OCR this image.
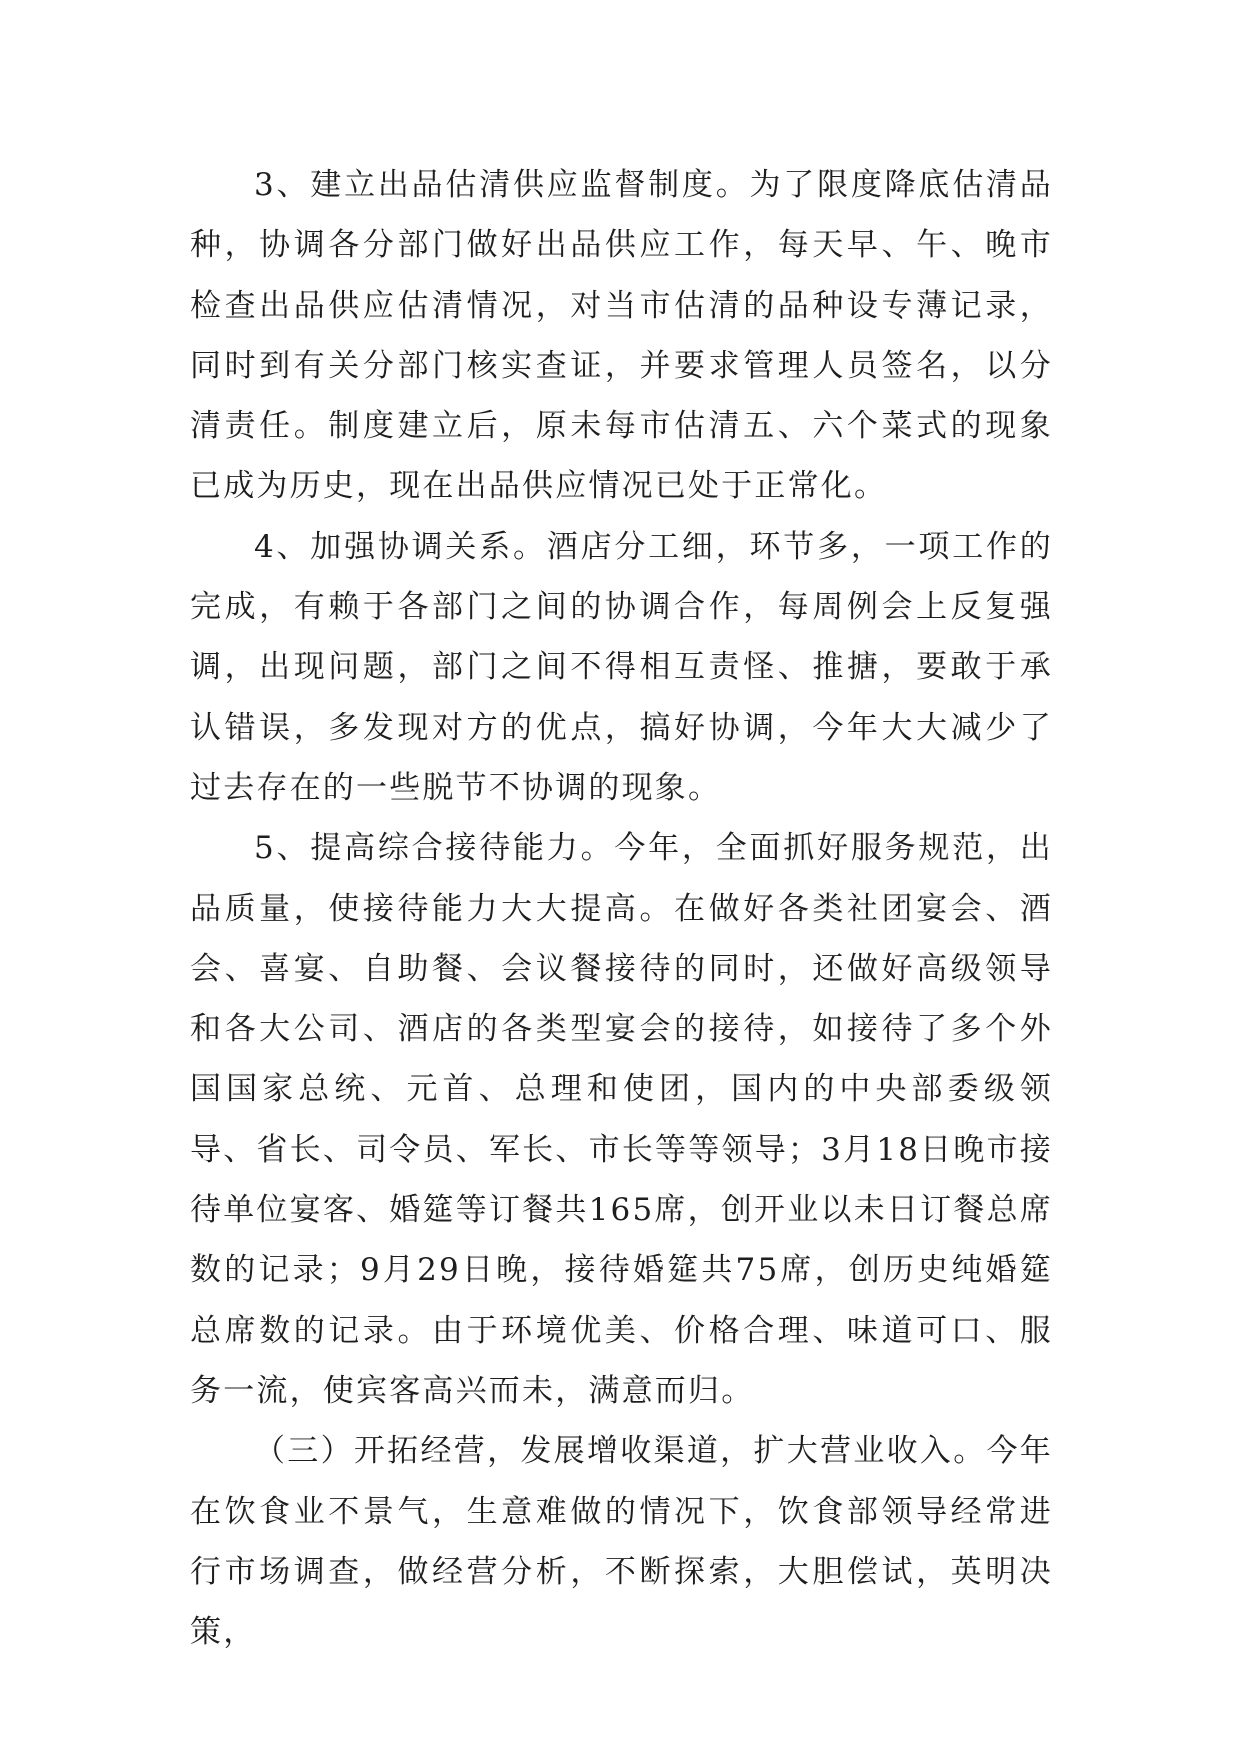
3、建立出品估清供应监督制度。为了限度降底估清品种，协调各分部门做好出品供应工作，每天早、午、晚市检查出品供应估清情况，对当市估清的品种设专薄记录，同时到有关分部门核实查证，并要求管理人员签名，以分清责任。制度建立后，原未每市估清五、六个菜式的现象已成为历史，现在出品供应情况已处于正常化。

4、加强协调关系。酒店分工细，环节多，一项工作的完成，有赖于各部门之间的协调合作，每周例会上反复强调，出现问题，部门之间不得相互责怪、推搪，要敢于承认错误，多发现对方的优点，搞好协调，今年大大减少了过去存在的一些脱节不协调的现象。

5、提高综合接待能力。今年，全面抓好服务规范，出品质量，使接待能力大大提高。在做好各类社团宴会、酒会、喜宴、自助餐、会议餐接待的同时，还做好高级领导和各大公司、酒店的各类型宴会的接待，如接待了多个外国国家总统、元首、总理和使团，国内的中央部委级领导、省长、司令员、军长、市长等等领导；3月18日晚市接待单位宴客、婚筵等订餐共165席，创开业以未日订餐总席数的记录；9月29日晚，接待婚筵共75席，创历史纯婚筵总席数的记录。由于环境优美、价格合理、味道可口、服务一流，使宾客高兴而未，满意而归。

（三）开拓经营，发展增收渠道，扩大营业收入。今年在饮食业不景气，生意难做的情况下，饮食部领导经常进行市场调查，做经营分析，不断探索，大胆偿试，英明决策，
